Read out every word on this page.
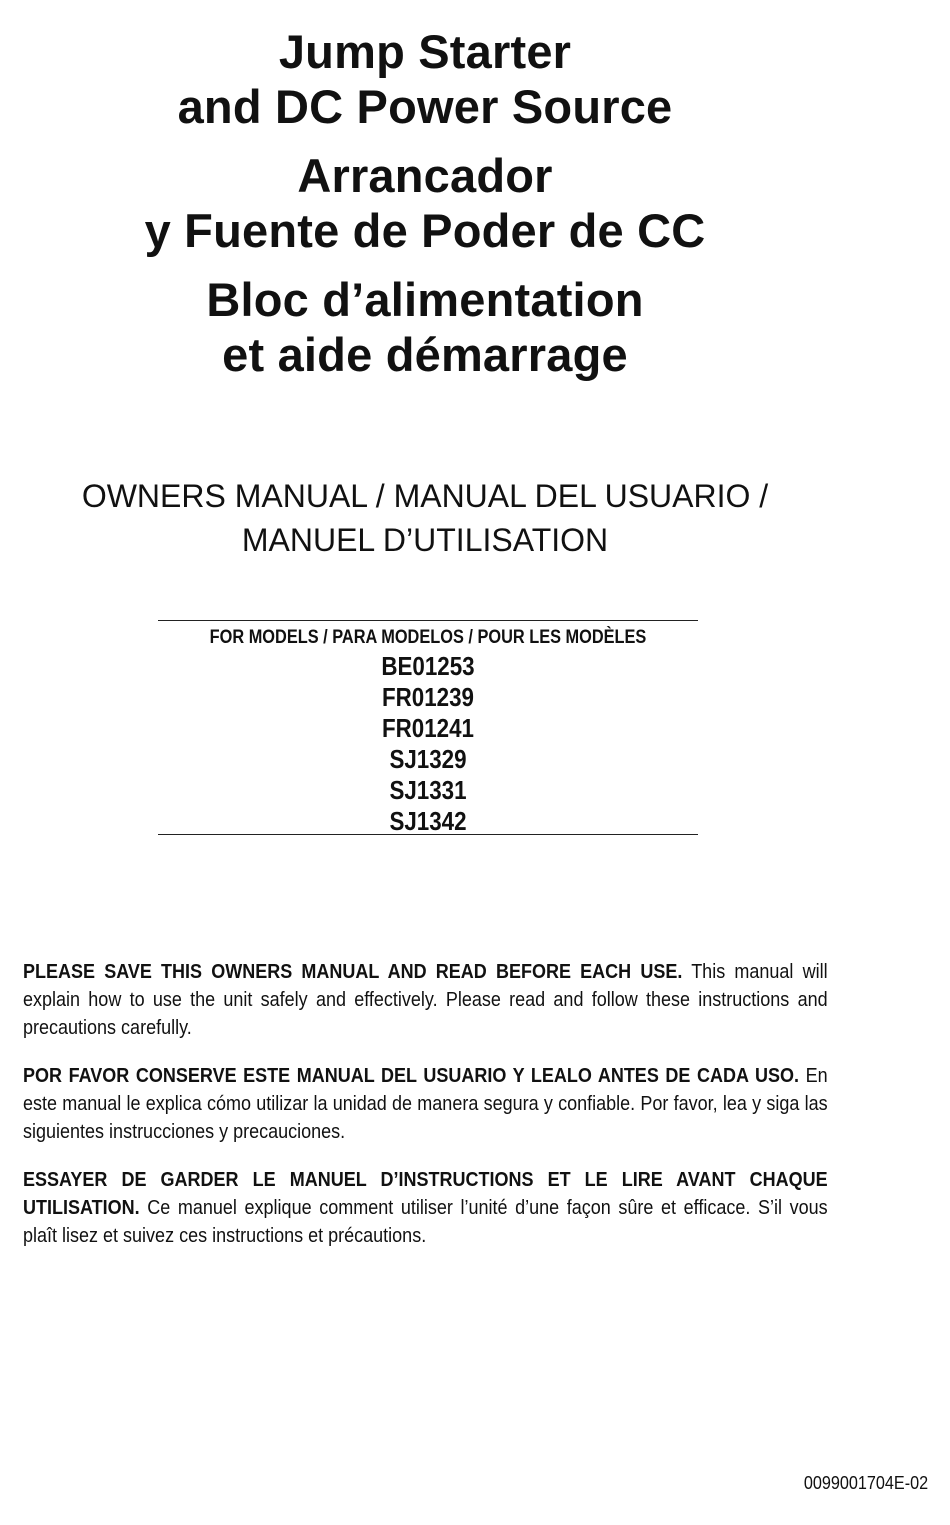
Jump Starter
and DC Power Source
Arrancador
y Fuente de Poder de CC
Bloc d’alimentation
et aide démarrage
OWNERS MANUAL / MANUAL DEL USUARIO /
MANUEL D’UTILISATION
FOR MODELS / PARA MODELOS / POUR LES MODÈLES
BE01253
FR01239
FR01241
SJ1329
SJ1331
SJ1342

PLEASE SAVE THIS OWNERS MANUAL AND READ BEFORE EACH USE. This manual will explain how to use the unit safely and effectively. Please read and follow these instructions and precautions carefully.

POR FAVOR CONSERVE ESTE MANUAL DEL USUARIO Y LEALO ANTES DE CADA USO. En este manual le explica cómo utilizar la unidad de manera segura y confiable. Por favor, lea y siga las siguientes instrucciones y precauciones.

ESSAYER DE GARDER LE MANUEL D’INSTRUCTIONS ET LE LIRE AVANT CHAQUE UTILISATION. Ce manuel explique comment utiliser l’unité d’une façon sûre et efficace. S’il vous plaît lisez et suivez ces instructions et précautions.

0099001704E-02
